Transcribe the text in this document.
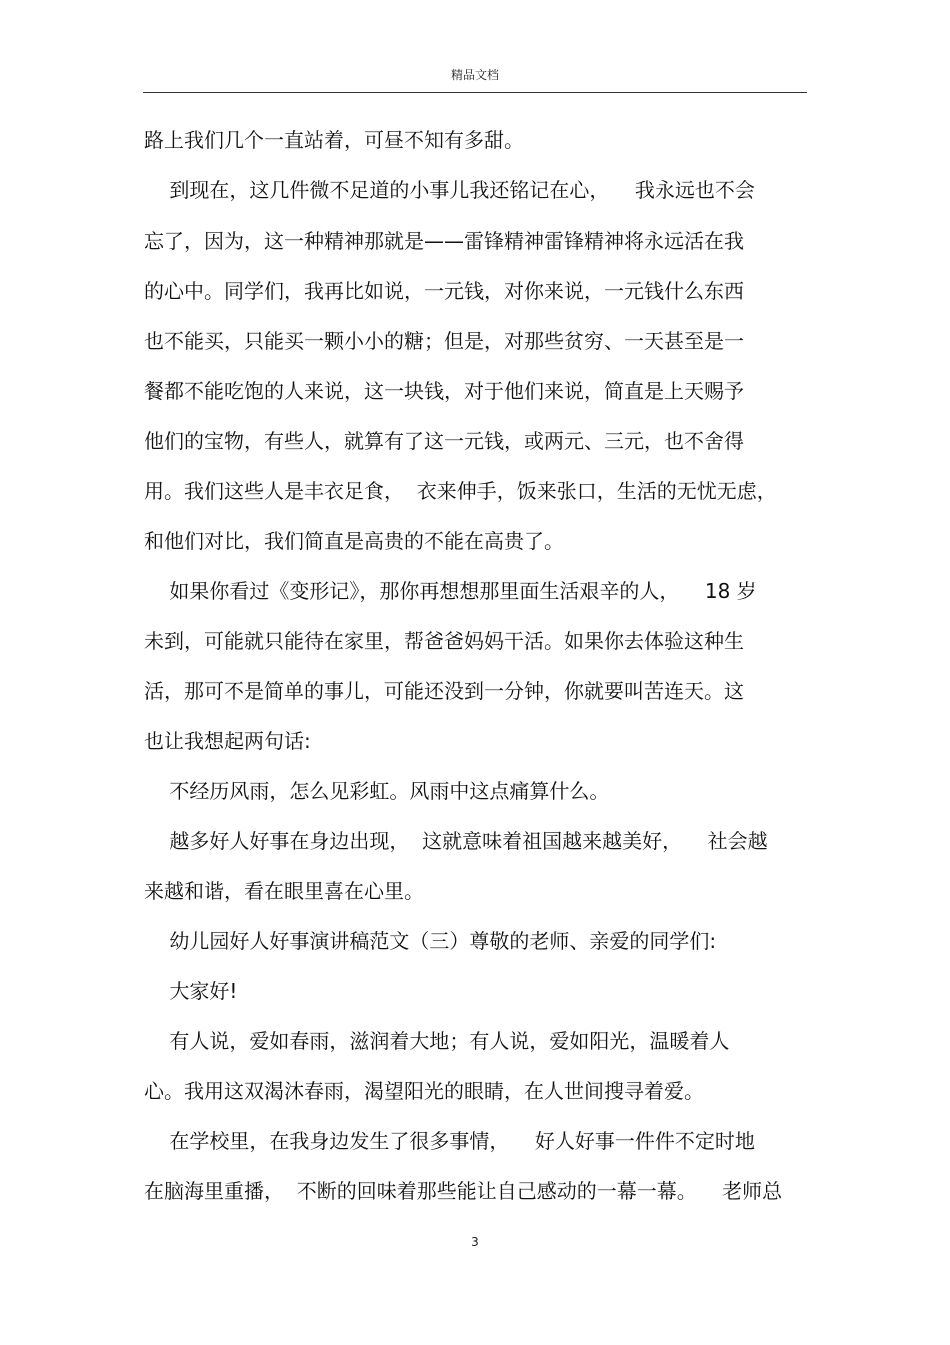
精品文档
路上我们几个一直站着，可昼不知有多甜。
到现在，这几件微不足道的小事儿我还铭记在心，    我永远也不会
忘了，因为，这一种精神那就是——雷锋精神雷锋精神将永远活在我
的心中。同学们，我再比如说，一元钱，对你来说，一元钱什么东西
也不能买，只能买一颗小小的糖；但是，对那些贫穷、一天甚至是一
餐都不能吃饱的人来说，这一块钱，对于他们来说，简直是上天赐予
他们的宝物，有些人，就算有了这一元钱，或两元、三元，也不舍得
用。我们这些人是丰衣足食，  衣来伸手，饭来张口，生活的无忧无虑，
和他们对比，我们简直是高贵的不能在高贵了。
如果你看过《变形记》，那你再想想那里面生活艰辛的人，    18 岁
未到，可能就只能待在家里，帮爸爸妈妈干活。如果你去体验这种生
活，那可不是简单的事儿，可能还没到一分钟，你就要叫苦连天。这
也让我想起两句话:
不经历风雨，怎么见彩虹。风雨中这点痛算什么。
越多好人好事在身边出现，  这就意味着祖国越来越美好，    社会越
来越和谐，看在眼里喜在心里。
幼儿园好人好事演讲稿范文（三）尊敬的老师、亲爱的同学们:
大家好!
有人说，爱如春雨，滋润着大地；有人说，爱如阳光，温暖着人
心。我用这双渴沐春雨，渴望阳光的眼睛，在人世间搜寻着爱。
在学校里，在我身边发生了很多事情，    好人好事一件件不定时地
在脑海里重播，  不断的回味着那些能让自己感动的一幕一幕。    老师总
3
